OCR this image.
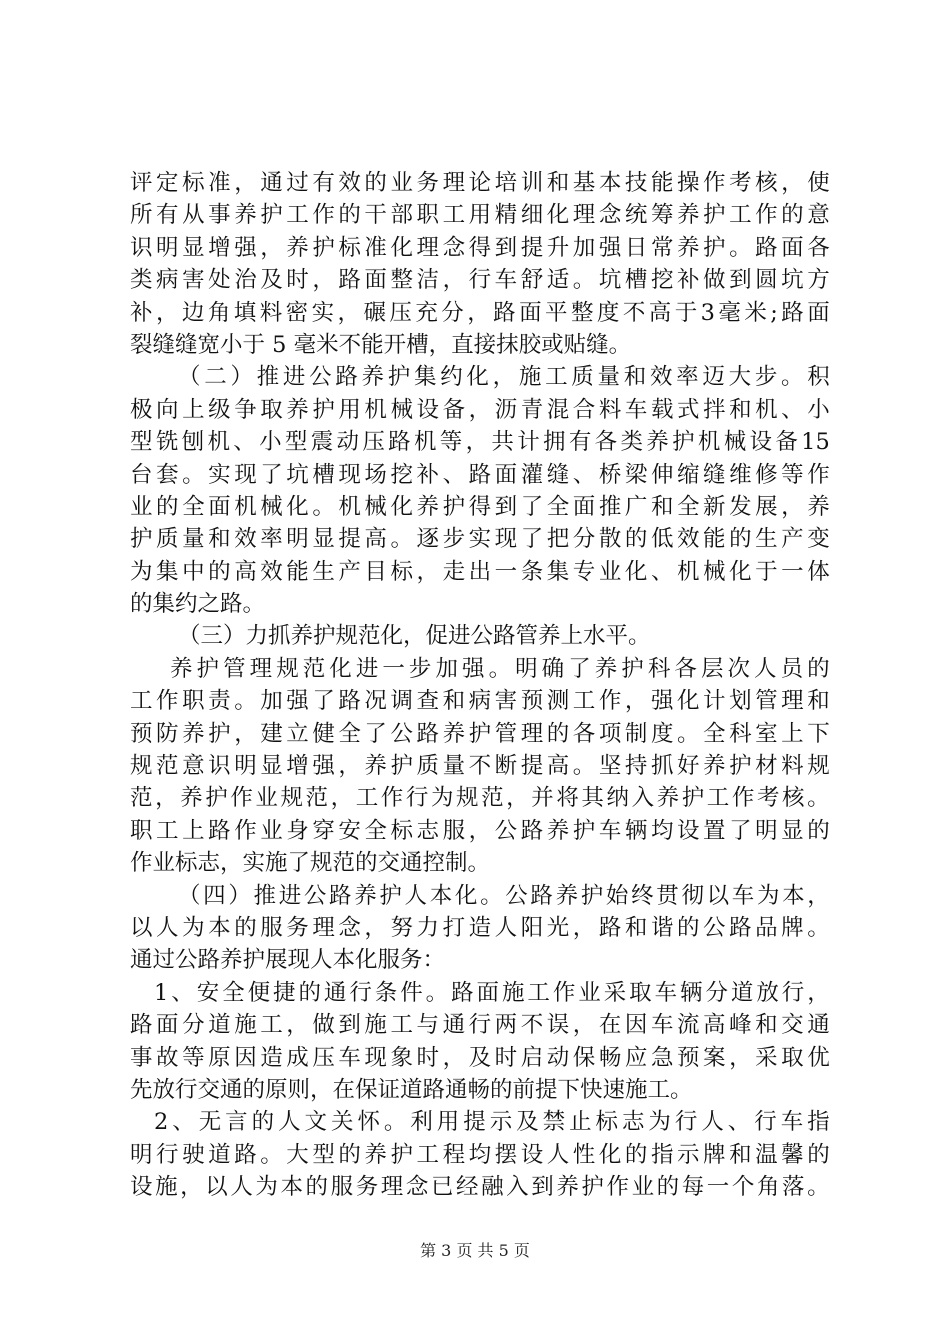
评 定 标 准 ， 通 过 有 效 的 业 务 理 论 培 训 和 基 本 技 能 操 作 考 核 ， 使
所 有 从 事 养 护 工 作 的 干 部 职 工 用 精 细 化 理 念 统 筹 养 护 工 作 的 意
识 明 显 增 强 ， 养 护 标 准 化 理 念 得 到 提 升 加 强 日 常 养 护 。 路 面 各
类 病 害 处 治 及 时 ， 路 面 整 洁 ， 行 车 舒 适 。 坑 槽 挖 补 做 到 圆 坑 方
补 ， 边 角 填 料 密 实 ， 碾 压 充 分 ， 路 面 平 整 度 不 高 于 3 毫 米 ; 路 面
裂缝缝宽小于 5 毫米不能开槽，直接抹胶或贴缝。
（ 二 ） 推 进 公 路 养 护 集 约 化 ， 施 工 质 量 和 效 率 迈 大 步 。 积
极 向 上 级 争 取 养 护 用 机 械 设 备 ， 沥 青 混 合 料 车 载 式 拌 和 机 、 小
型 铣 刨 机 、 小 型 震 动 压 路 机 等 ， 共 计 拥 有 各 类 养 护 机 械 设 备 15
台 套 。 实 现 了 坑 槽 现 场 挖 补 、 路 面 灌 缝 、 桥 梁 伸 缩 缝 维 修 等 作
业 的 全 面 机 械 化 。 机 械 化 养 护 得 到 了 全 面 推 广 和 全 新 发 展 ， 养
护 质 量 和 效 率 明 显 提 高 。 逐 步 实 现 了 把 分 散 的 低 效 能 的 生 产 变
为 集 中 的 高 效 能 生 产 目 标 ， 走 出 一 条 集 专 业 化 、 机 械 化 于 一 体
的集约之路。
（三）力抓养护规范化，促进公路管养上水平。
养 护 管 理 规 范 化 进 一 步 加 强 。 明 确 了 养 护 科 各 层 次 人 员 的
工 作 职 责 。 加 强 了 路 况 调 查 和 病 害 预 测 工 作 ， 强 化 计 划 管 理 和
预 防 养 护 ， 建 立 健 全 了 公 路 养 护 管 理 的 各 项 制 度 。 全 科 室 上 下
规 范 意 识 明 显 增 强 ， 养 护 质 量 不 断 提 高 。 坚 持 抓 好 养 护 材 料 规
范 ， 养 护 作 业 规 范 ， 工 作 行 为 规 范 ， 并 将 其 纳 入 养 护 工 作 考 核 。
职 工 上 路 作 业 身 穿 安 全 标 志 服 ， 公 路 养 护 车 辆 均 设 置 了 明 显 的
作业标志，实施了规范的交通控制。
（ 四 ） 推 进 公 路 养 护 人 本 化 。 公 路 养 护 始 终 贯 彻 以 车 为 本 ，
以 人 为 本 的 服 务 理 念 ， 努 力 打 造 人 阳 光 ， 路 和 谐 的 公 路 品 牌 。
通过公路养护展现人本化服务：
1 、 安 全 便 捷 的 通 行 条 件 。 路 面 施 工 作 业 采 取 车 辆 分 道 放 行 ，
路 面 分 道 施 工 ， 做 到 施 工 与 通 行 两 不 误 ， 在 因 车 流 高 峰 和 交 通
事 故 等 原 因 造 成 压 车 现 象 时 ， 及 时 启 动 保 畅 应 急 预 案 ， 采 取 优
先放行交通的原则，在保证道路通畅的前提下快速施工。
2 、 无 言 的 人 文 关 怀 。 利 用 提 示 及 禁 止 标 志 为 行 人 、 行 车 指
明 行 驶 道 路 。 大 型 的 养 护 工 程 均 摆 设 人 性 化 的 指 示 牌 和 温 馨 的
设 施 ， 以 人 为 本 的 服 务 理 念 已 经 融 入 到 养 护 作 业 的 每 一 个 角 落 。
第 3 页 共 5 页
